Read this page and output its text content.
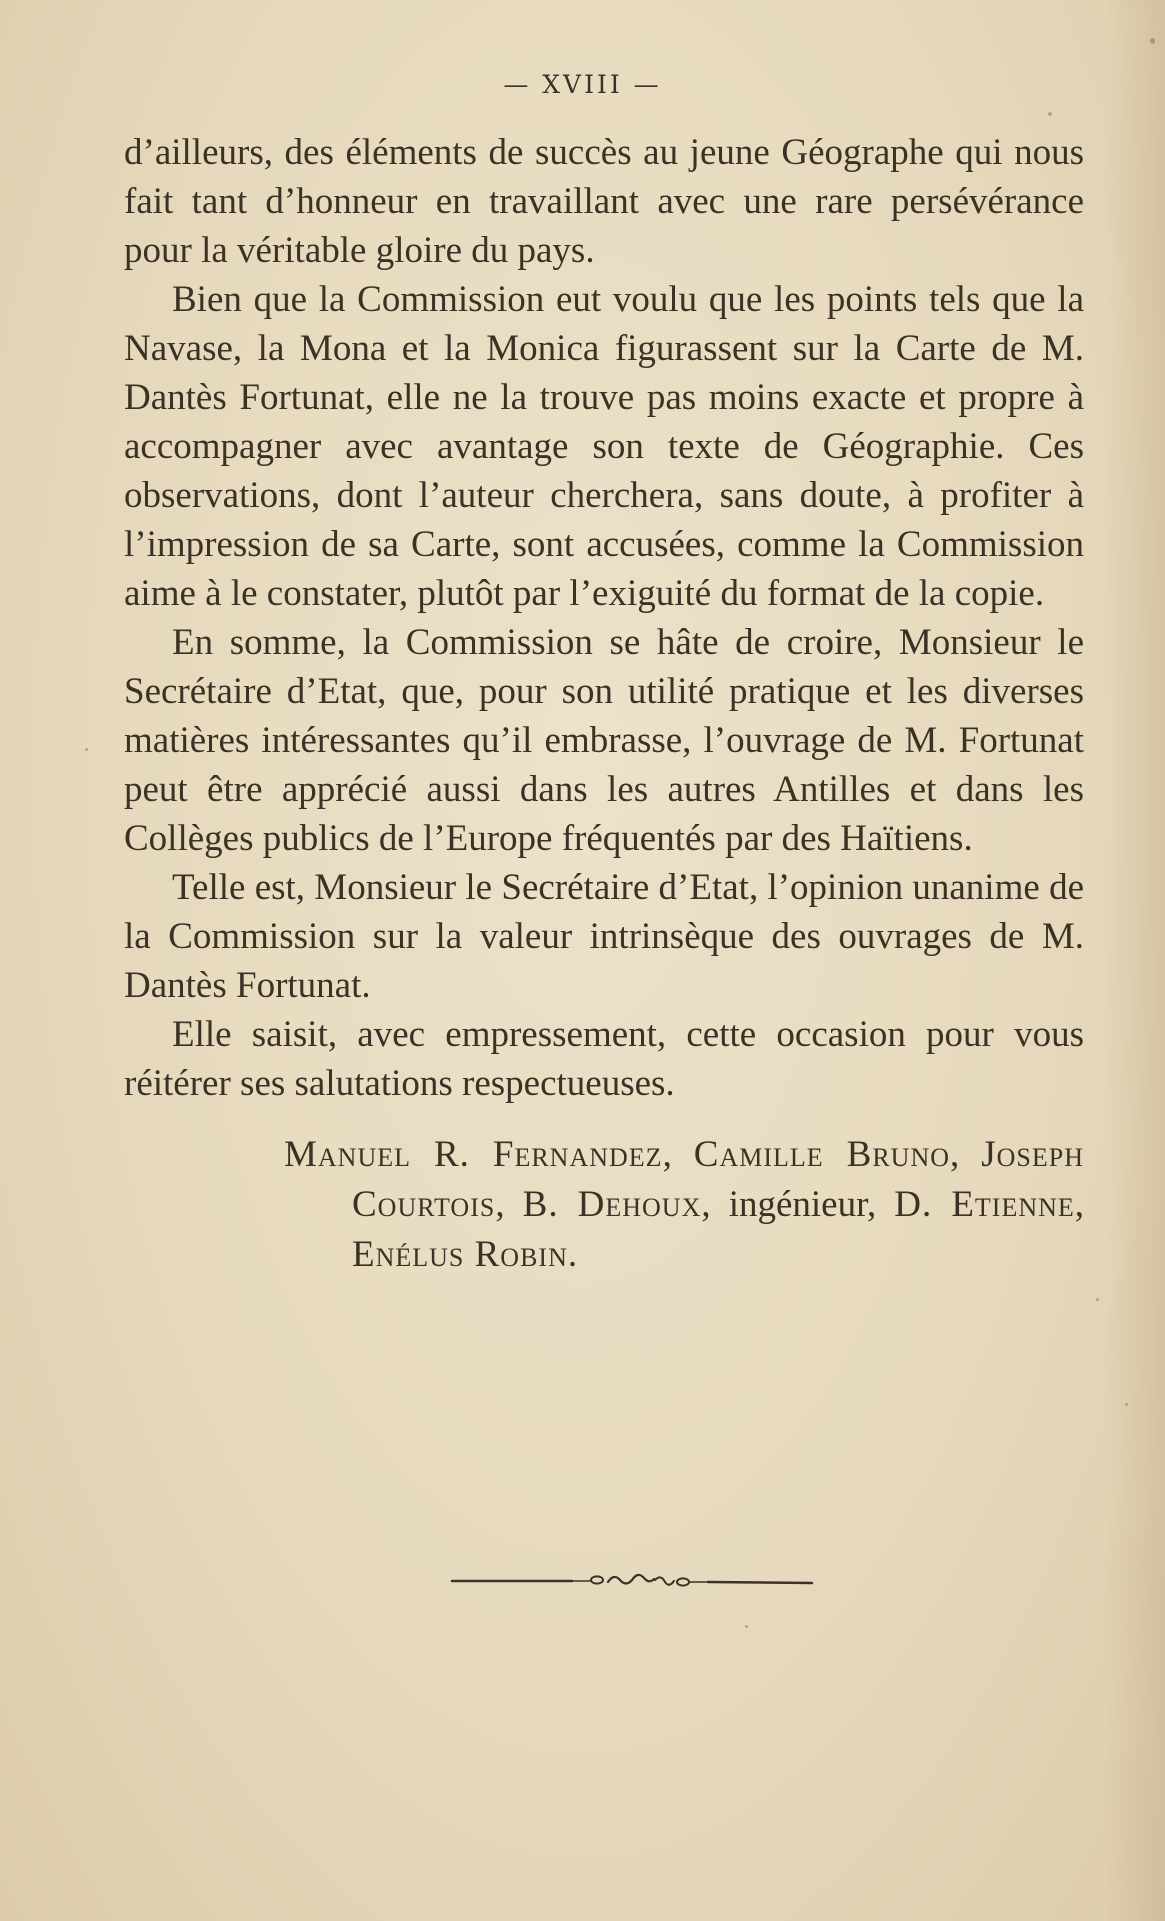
— XVIII —

d’ailleurs, des éléments de succès au jeune Géographe qui nous fait tant d’honneur en travaillant avec une rare persévérance pour la véritable gloire du pays.

Bien que la Commission eut voulu que les points tels que la Navase, la Mona et la Monica figurassent sur la Carte de M. Dantès Fortunat, elle ne la trouve pas moins exacte et propre à accompagner avec avantage son texte de Géographie. Ces observations, dont l’auteur cherchera, sans doute, à profiter à l’impression de sa Carte, sont accusées, comme la Commission aime à le constater, plutôt par l’exiguité du format de la copie.

En somme, la Commission se hâte de croire, Monsieur le Secrétaire d’Etat, que, pour son utilité pratique et les diverses matières intéressantes qu’il embrasse, l’ouvrage de M. Fortunat peut être apprécié aussi dans les autres Antilles et dans les Collèges publics de l’Europe fréquentés par des Haïtiens.

Telle est, Monsieur le Secrétaire d’Etat, l’opinion unanime de la Commission sur la valeur intrinsèque des ouvrages de M. Dantès Fortunat.

Elle saisit, avec empressement, cette occasion pour vous réitérer ses salutations respectueuses.

Manuel R. Fernandez, Camille Bruno, Joseph Courtois, B. Dehoux, ingénieur, D. Etienne, Enélus Robin.
